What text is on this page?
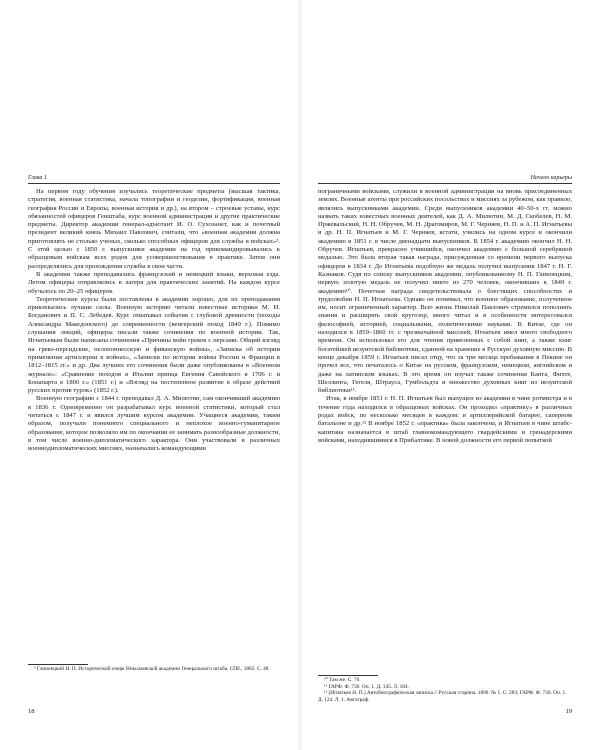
Глава 1

На первом году обучения изучались теоретические предметы (высшая тактика, стратегия, военная статистика, начала топографии и геодезии, фортификация, военная география России и Европы, военная история и др.), на втором – строевые уставы, курс обязанностей офицеров Генштаба, курс военной администрации и другие практические предметы. Директор академии генерал-адъютант И. О. Сухозанет, как и почетный президент великий князь Михаил Павлович, считали, что «военная академия должна приготовлять не столько ученых, сколько способных офицеров для службы в войсках»³. С этой целью с 1850 г. выпускники академии на год прикомандировывались к образцовым войскам всех родов для усовершенствования в практике. Затем они распределялись для прохождения службы в свои части.

В академии также преподавались французский и немецкий языки, верховая езда. Летом офицеры отправлялись в лагеря для практических занятий. На каждом курсе обучалось по 20–25 офицеров.

Теоретические курсы были поставлены в академии хорошо, для их преподавания привлекались лучшие силы. Военную историю читали известные историки М. И. Богданович и П. С. Лебедев. Курс охватывал события с глубокой древности (походы Александра Македонского) до современности (венгерский поход 1849 г.). Помимо слушания лекций, офицеры писали также сочинения по военной истории. Так, Игнатьевым были написаны сочинения «Причины войн греков с персами. Общий взгляд на греко-персидские, пелопоннесскую и фиванскую войны», «Записка об истории применения артиллерии в войнах», «Записки по истории войны России и Франции в 1812–1815 гг.» и др. Два лучших его сочинения были даже опубликованы в «Военном журнале»: «Сравнение походов в Италии принца Евгения Савойского в 1706 г. и Бонапарта в 1800 г.» (1851 г.) и «Взгляд на постепенное развитие в образе действий русских против турок» (1852 г.).

Военную географию с 1844 г. преподавал Д. А. Милютин, сам окончивший академию в 1836 г. Одновременно он разрабатывал курс военной статистики, который стал читаться с 1847 г. и явился лучшим курсом академии. Учащиеся академии, таким образом, получали понемного специального и неплохое военно-гуманитарное образование, которое позволяло им по окончании ее занимать разнообразные должности, в том числе военно-дипломатического характера. Они участвовали в различных военнодипломатических миссиях, назначались командующими

³ Глиноецкий Н. П. Исторический очерк Николаевской академии Генерального штаба. СПб., 1882. С. 48.

18
Начало карьеры

пограничными войсками, служили в военной администрации на вновь присоединенных землях. Военные агенты при российских посольствах и миссиях за рубежом, как правило, являлись выпускниками академии. Среди выпускников академии 40–50-х гг. можно назвать таких известных военных деятелей, как Д. А. Милютин, М. Д. Скобелев, Н. М. Пржевальский, Н. Н. Обручев, М. Н. Драгомиров, М. Г. Черняев, Н. П. и А. П. Игнатьевы и др. Н. П. Игнатьев и М. Г. Черняев, кстати, учились на одном курсе и окончили академию в 1851 г. в числе двенадцати выпускников. В 1854 г. академию окончил Н. Н. Обручев. Игнатьев, прекрасно учившийся, окончил академию с большой серебряной медалью. Это была вторая такая награда, присужденная со времени первого выпуска офицеров в 1834 г. До Игнатьева подобную же медаль получил выпускник 1847 г. Н. Г. Казнаков. Судя по списку выпускников академии, опубликованному Н. П. Глиноецким, первую золотую медаль не получил никто из 270 человек, окончивших к 1849 г. академию¹⁰. Почетная награда свидетельствовала о блестящих способностях и трудолюбии Н. П. Игнатьева. Однако он понимал, что военное образование, полученное им, носит ограниченный характер. Всю жизнь Николай Павлович стремился пополнять знания и расширять свой кругозор, много читал и в особенности интересовался философией, историей, социальными, политическими науками. В Китае, где он находился в 1859–1860 гг. с чрезвычайной миссией, Игнатьев имел много свободного времени. Он использовал его для чтения привезенных с собой книг, а также книг богатейшей иезуитской библиотеки, сданной на хранение в Русскую духовную миссию. В конце декабря 1859 г. Игнатьев писал отцу, что за три месяца пребывания в Пекине он прочел все, что печаталось о Китае на русском, французском, немецком, английском и даже на латинском языках. В это время он изучал также сочинения Канта, Фихте, Шеллинга, Гегеля, Штрауса, Гумбольдта и множество духовных книг из иезуитской библиотеки¹¹.

Итак, в ноябре 1851 г. Н. П. Игнатьев был выпущен из академии в чине ротмистра и в течение года находился в образцовых войсках. Он проходил «практику» в различных родах войск, по несколько месяцев в каждом: в артиллерийской батарее, саперном батальоне и др.¹² В ноябре 1852 г. «практика» была закончена, и Игнатьев в чине штабс-капитана назначается в штаб главнокомандующего гвардейскими и гренадерскими войсками, находившимися в Прибалтике. В новой должности его первой попыткой

¹⁰ Там же. С. 70.

¹¹ ГАРФ. Ф. 730. Оп. 1. Д. 145. Л. 184.

¹² [Игнатьев Н. П.] Автобиографическая записка // Русская старина. 1890. № 1. С. 283; ГАРФ. Ф. 730. Оп. 1. Д. 124. Л. 1. Автограф.

19
